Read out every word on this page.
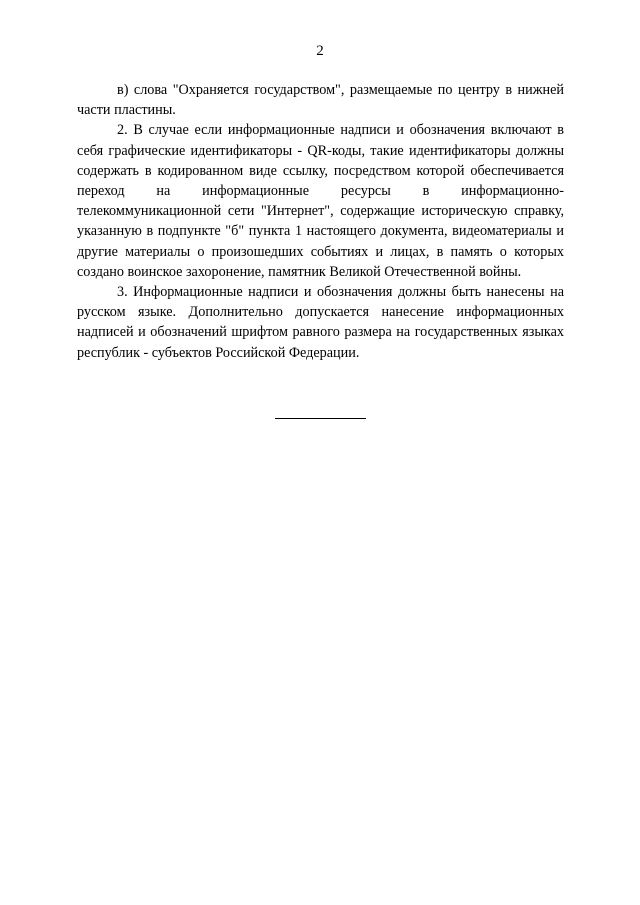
2

в) слова "Охраняется государством", размещаемые по центру в нижней части пластины.

2. В случае если информационные надписи и обозначения включают в себя графические идентификаторы - QR-коды, такие идентификаторы должны содержать в кодированном виде ссылку, посредством которой обеспечивается переход на информационные ресурсы в информационно-телекоммуникационной сети "Интернет", содержащие историческую справку, указанную в подпункте "б" пункта 1 настоящего документа, видеоматериалы и другие материалы о произошедших событиях и лицах, в память о которых создано воинское захоронение, памятник Великой Отечественной войны.

3. Информационные надписи и обозначения должны быть нанесены на русском языке. Дополнительно допускается нанесение информационных надписей и обозначений шрифтом равного размера на государственных языках республик - субъектов Российской Федерации.
